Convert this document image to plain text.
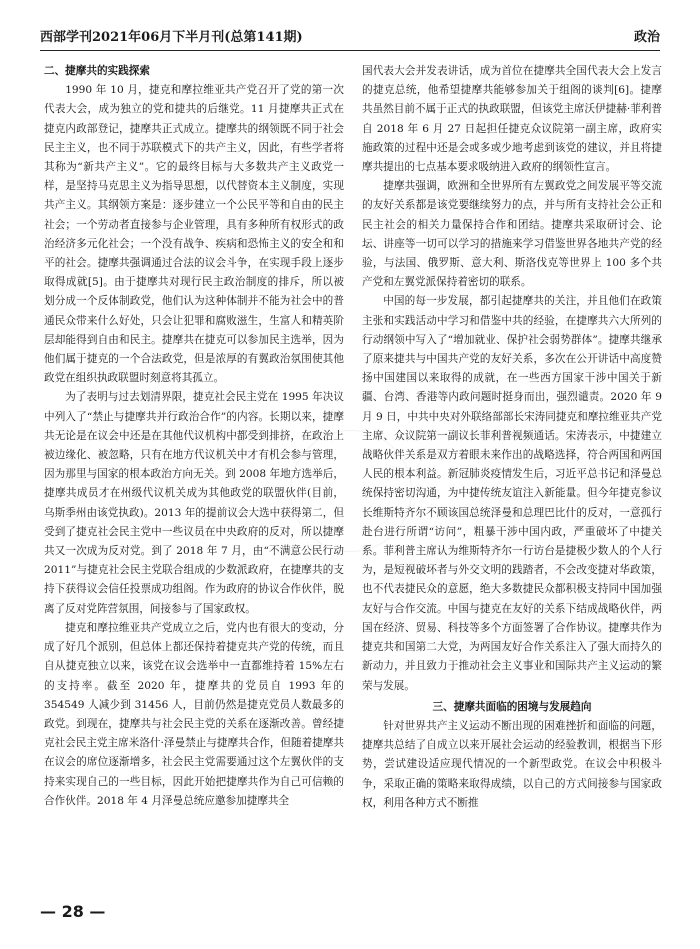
西部学刊2021年06月下半月刊(总第141期)	政治
二、捷摩共的实践探索

1990 年 10 月，捷克和摩拉维亚共产党召开了党的第一次代表大会，成为独立的党和捷共的后继党。11 月捷摩共正式在捷克内政部登记，捷摩共正式成立。捷摩共的纲领既不同于社会民主主义，也不同于苏联模式下的共产主义，因此，有些学者将其称为“新共产主义”。它的最终目标与大多数共产主义政党一样，是坚持马克思主义为指导思想，以代替资本主义制度，实现共产主义。其纲领方案是：逐步建立一个公民平等和自由的民主社会；一个劳动者直接参与企业管理，具有多种所有权形式的政治经济多元化社会；一个没有战争、疾病和恐怖主义的安全和和平的社会。捷摩共强调通过合法的议会斗争，在实现手段上逐步取得成就[5]。由于捷摩共对现行民主政治制度的排斥，所以被划分成一个反体制政党，他们认为这种体制并不能为社会中的普通民众带来什么好处，只会让犯罪和腐败滋生，生富人和精英阶层却能得到自由和民主。捷摩共在捷克可以参加民主选举，因为他们属于捷克的一个合法政党，但是浓厚的有翼政治氛围使其他政党在组织执政联盟时刻意将其孤立。

为了表明与过去划清界限，捷克社会民主党在 1995 年决议中列入了“禁止与捷摩共并行政治合作”的内容。长期以来，捷摩共无论是在议会中还是在其他代议机构中都受到排挤，在政治上被边缘化、被忽略，只有在地方代议机关中才有机会参与管理，因为那里与国家的根本政治方向无关。到 2008 年地方选举后，捷摩共成员才在州级代议机关成为其他政党的联盟伙伴(目前，乌斯季州由该党执政)。2013 年的提前议会大选中获得第二，但受到了捷克社会民主党中一些议员在中央政府的反对，所以捷摩共又一次成为反对党。到了 2018 年 7 月，由“不满意公民行动 2011”与捷克社会民主党联合组成的少数派政府，在捷摩共的支持下获得议会信任投票成功组阁。作为政府的协议合作伙伴，脱离了反对党阵营氛围，间接参与了国家政权。

捷克和摩拉维亚共产党成立之后，党内也有很大的变动，分成了好几个派别，但总体上都还保持着捷克共产党的传统，而且自从捷克独立以来，该党在议会选举中一直都维持着 15%左右的支持率。截至 2020 年，捷摩共的党员自 1993 年的 354549 人减少到 31456 人，目前仍然是捷克党员人数最多的政党。到现在，捷摩共与社会民主党的关系在逐渐改善。曾经捷克社会民主党主席米洛什·泽曼禁止与捷摩共合作，但随着捷摩共在议会的席位逐渐增多，社会民主党需要通过这个左翼伙伴的支持来实现自己的一些目标，因此开始把捷摩共作为自己可信赖的合作伙伴。2018 年 4 月泽曼总统应邀参加捷摩共全

国代表大会并发表讲话，成为首位在捷摩共全国代表大会上发言的捷克总统，他希望捷摩共能够参加关于组阁的谈判[6]。捷摩共虽然目前不属于正式的执政联盟，但该党主席沃伊捷赫·菲利普自 2018 年 6 月 27 日起担任捷克众议院第一副主席，政府实施政策的过程中还是会或多或少地考虑到该党的建议，并且将捷摩共提出的七点基本要求吸纳进入政府的纲领性宣言。

捷摩共强调，欧洲和全世界所有左翼政党之间发展平等交流的友好关系都是该党要继续努力的点，并与所有支持社会公正和民主社会的相关力量保持合作和团结。捷摩共采取研讨会、论坛、讲座等一切可以学习的措施来学习借鉴世界各地共产党的经验，与法国、俄罗斯、意大利、斯洛伐克等世界上 100 多个共产党和左翼党派保持着密切的联系。

中国的每一步发展，都引起捷摩共的关注，并且他们在政策主张和实践活动中学习和借鉴中共的经验，在捷摩共六大所列的行动纲领中写入了“增加就业、保护社会弱势群体”。捷摩共继承了原来捷共与中国共产党的友好关系，多次在公开讲话中高度赞扬中国建国以来取得的成就，在一些西方国家干涉中国关于新疆、台湾、香港等内政问题时挺身而出，强烈谴责。2020 年 9 月 9 日，中共中央对外联络部部长宋涛同捷克和摩拉维亚共产党主席、众议院第一副议长菲利普视频通话。宋涛表示，中捷建立战略伙伴关系是双方着眼未来作出的战略选择，符合两国和两国人民的根本利益。新冠肺炎疫情发生后，习近平总书记和泽曼总统保持密切沟通，为中捷传统友谊注入新能量。但今年捷克参议长维斯特齐尔不顾该国总统泽曼和总理巴比什的反对，一意孤行赴台进行所谓“访问”，粗暴干涉中国内政，严重破坏了中捷关系。菲利普主席认为维斯特齐尔一行访台是捷极少数人的个人行为，是短视破坏者与外交文明的践踏者，不会改变捷对华政策，也不代表捷民众的意愿，绝大多数捷民众都积极支持同中国加强友好与合作交流。中国与捷克在友好的关系下结成战略伙伴，两国在经济、贸易、科技等多个方面签署了合作协议。捷摩共作为捷克共和国第二大党，为两国友好合作关系注入了强大而持久的新动力，并且致力于推动社会主义事业和国际共产主义运动的繁荣与发展。

三、捷摩共面临的困境与发展趋向

针对世界共产主义运动不断出现的困难挫折和面临的问题，捷摩共总结了自成立以来开展社会运动的经验教训，根据当下形势，尝试建设适应现代情况的一个新型政党。在议会中积极斗争，采取正确的策略来取得成绩，以自己的方式间接参与国家政权，利用各种方式不断推

— 28 —
